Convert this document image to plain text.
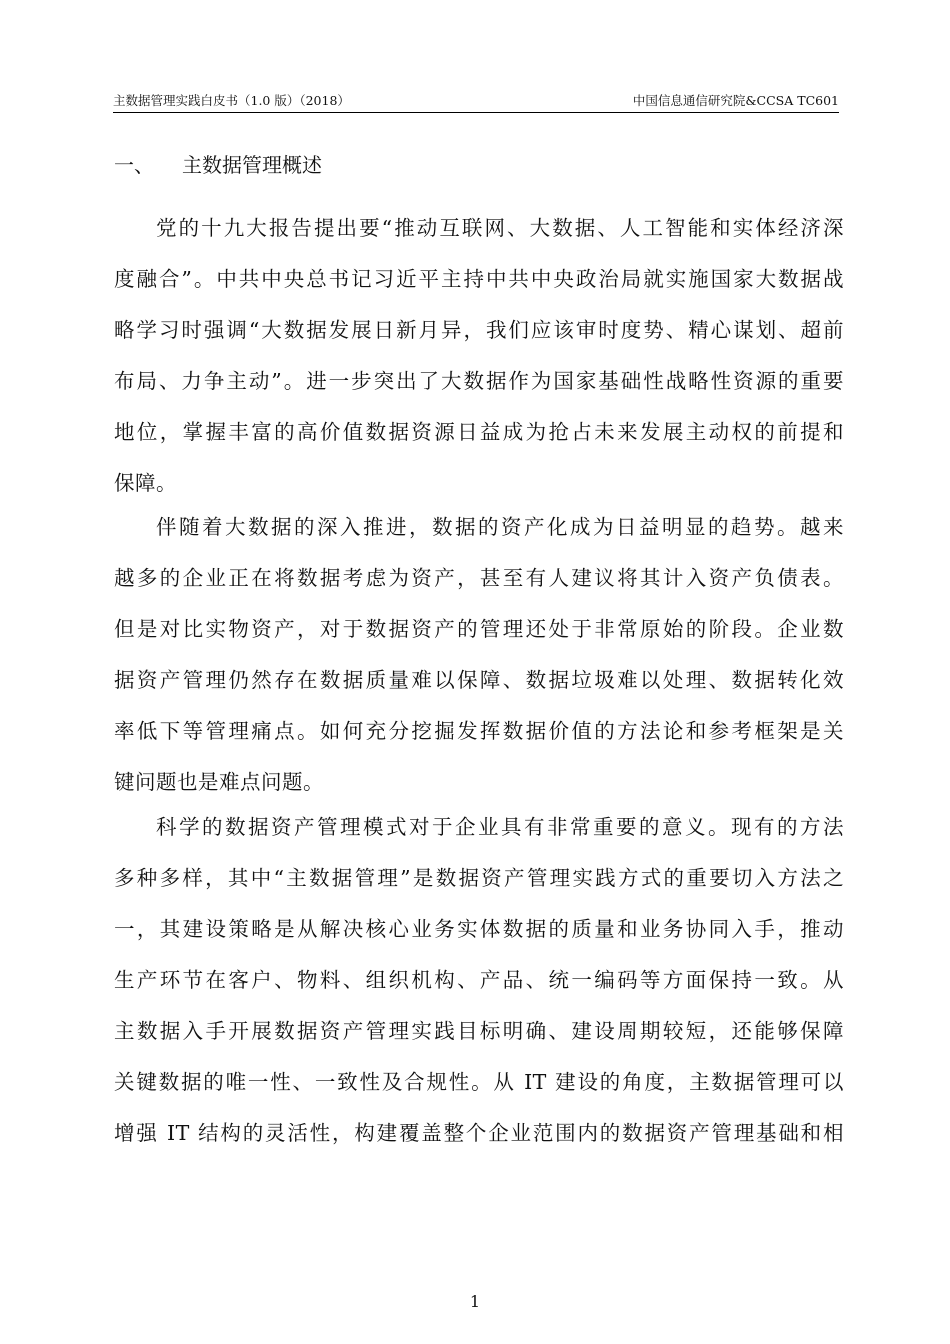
主数据管理实践白皮书（1.0 版）（2018）	中国信息通信研究院&CCSA TC601
一、 主数据管理概述
党的十九大报告提出要“推动互联网、大数据、人工智能和实体经济深
度融合”。中共中央总书记习近平主持中共中央政治局就实施国家大数据战
略学习时强调“大数据发展日新月异，我们应该审时度势、精心谋划、超前
布局、力争主动”。进一步突出了大数据作为国家基础性战略性资源的重要
地位，掌握丰富的高价值数据资源日益成为抢占未来发展主动权的前提和
保障。
伴随着大数据的深入推进，数据的资产化成为日益明显的趋势。越来
越多的企业正在将数据考虑为资产，甚至有人建议将其计入资产负债表。
但是对比实物资产，对于数据资产的管理还处于非常原始的阶段。企业数
据资产管理仍然存在数据质量难以保障、数据垃圾难以处理、数据转化效
率低下等管理痛点。如何充分挖掘发挥数据价值的方法论和参考框架是关
键问题也是难点问题。
科学的数据资产管理模式对于企业具有非常重要的意义。现有的方法
多种多样，其中“主数据管理”是数据资产管理实践方式的重要切入方法之
一，其建设策略是从解决核心业务实体数据的质量和业务协同入手，推动
生产环节在客户、物料、组织机构、产品、统一编码等方面保持一致。从
主数据入手开展数据资产管理实践目标明确、建设周期较短，还能够保障
关键数据的唯一性、一致性及合规性。从 IT 建设的角度，主数据管理可以
增强 IT 结构的灵活性，构建覆盖整个企业范围内的数据资产管理基础和相
1
